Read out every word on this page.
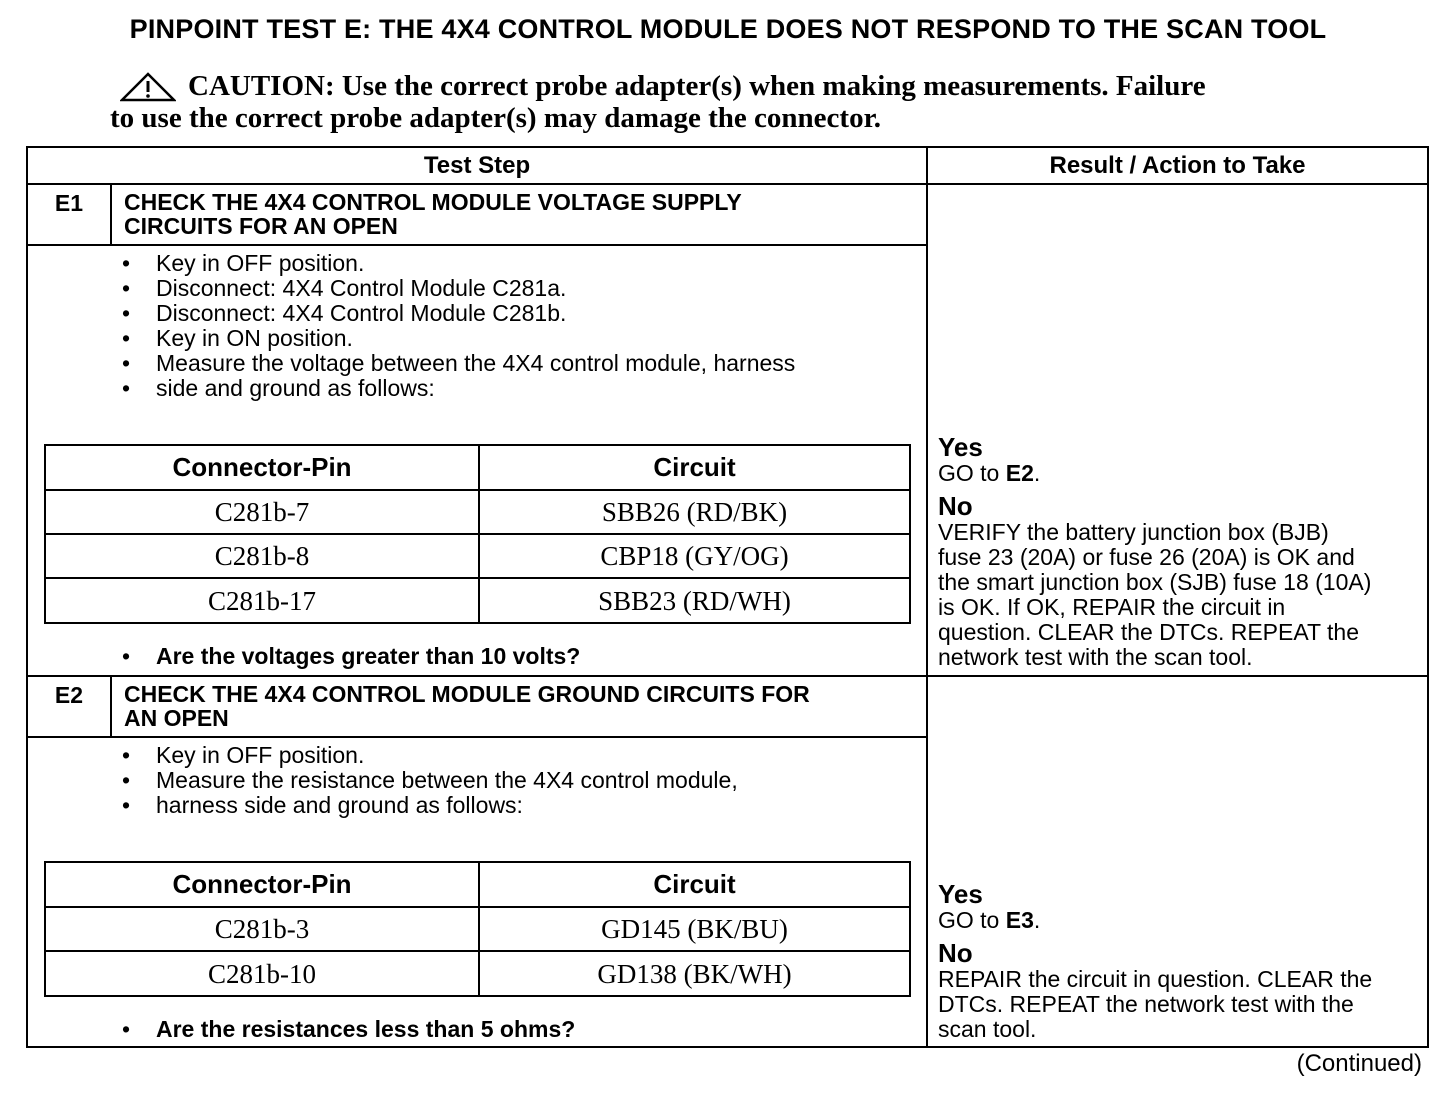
PINPOINT TEST E: THE 4X4 CONTROL MODULE DOES NOT RESPOND TO THE SCAN TOOL
CAUTION: Use the correct probe adapter(s) when making measurements. Failure
to use the correct probe adapter(s) may damage the connector.
Test Step	Result / Action to Take
E1	CHECK THE 4X4 CONTROL MODULE VOLTAGE SUPPLY
CIRCUITS FOR AN OPEN
• Key in OFF position.
• Disconnect: 4X4 Control Module C281a.
• Disconnect: 4X4 Control Module C281b.
• Key in ON position.
• Measure the voltage between the 4X4 control module, harness
• side and ground as follows:
Connector-Pin	Circuit
C281b-7	SBB26 (RD/BK)
C281b-8	CBP18 (GY/OG)
C281b-17	SBB23 (RD/WH)
• Are the voltages greater than 10 volts?
Yes
GO to E2.
No
VERIFY the battery junction box (BJB)
fuse 23 (20A) or fuse 26 (20A) is OK and
the smart junction box (SJB) fuse 18 (10A)
is OK. If OK, REPAIR the circuit in
question. CLEAR the DTCs. REPEAT the
network test with the scan tool.
E2	CHECK THE 4X4 CONTROL MODULE GROUND CIRCUITS FOR
AN OPEN
• Key in OFF position.
• Measure the resistance between the 4X4 control module,
• harness side and ground as follows:
Connector-Pin	Circuit
C281b-3	GD145 (BK/BU)
C281b-10	GD138 (BK/WH)
• Are the resistances less than 5 ohms?
Yes
GO to E3.
No
REPAIR the circuit in question. CLEAR the
DTCs. REPEAT the network test with the
scan tool.
(Continued)
